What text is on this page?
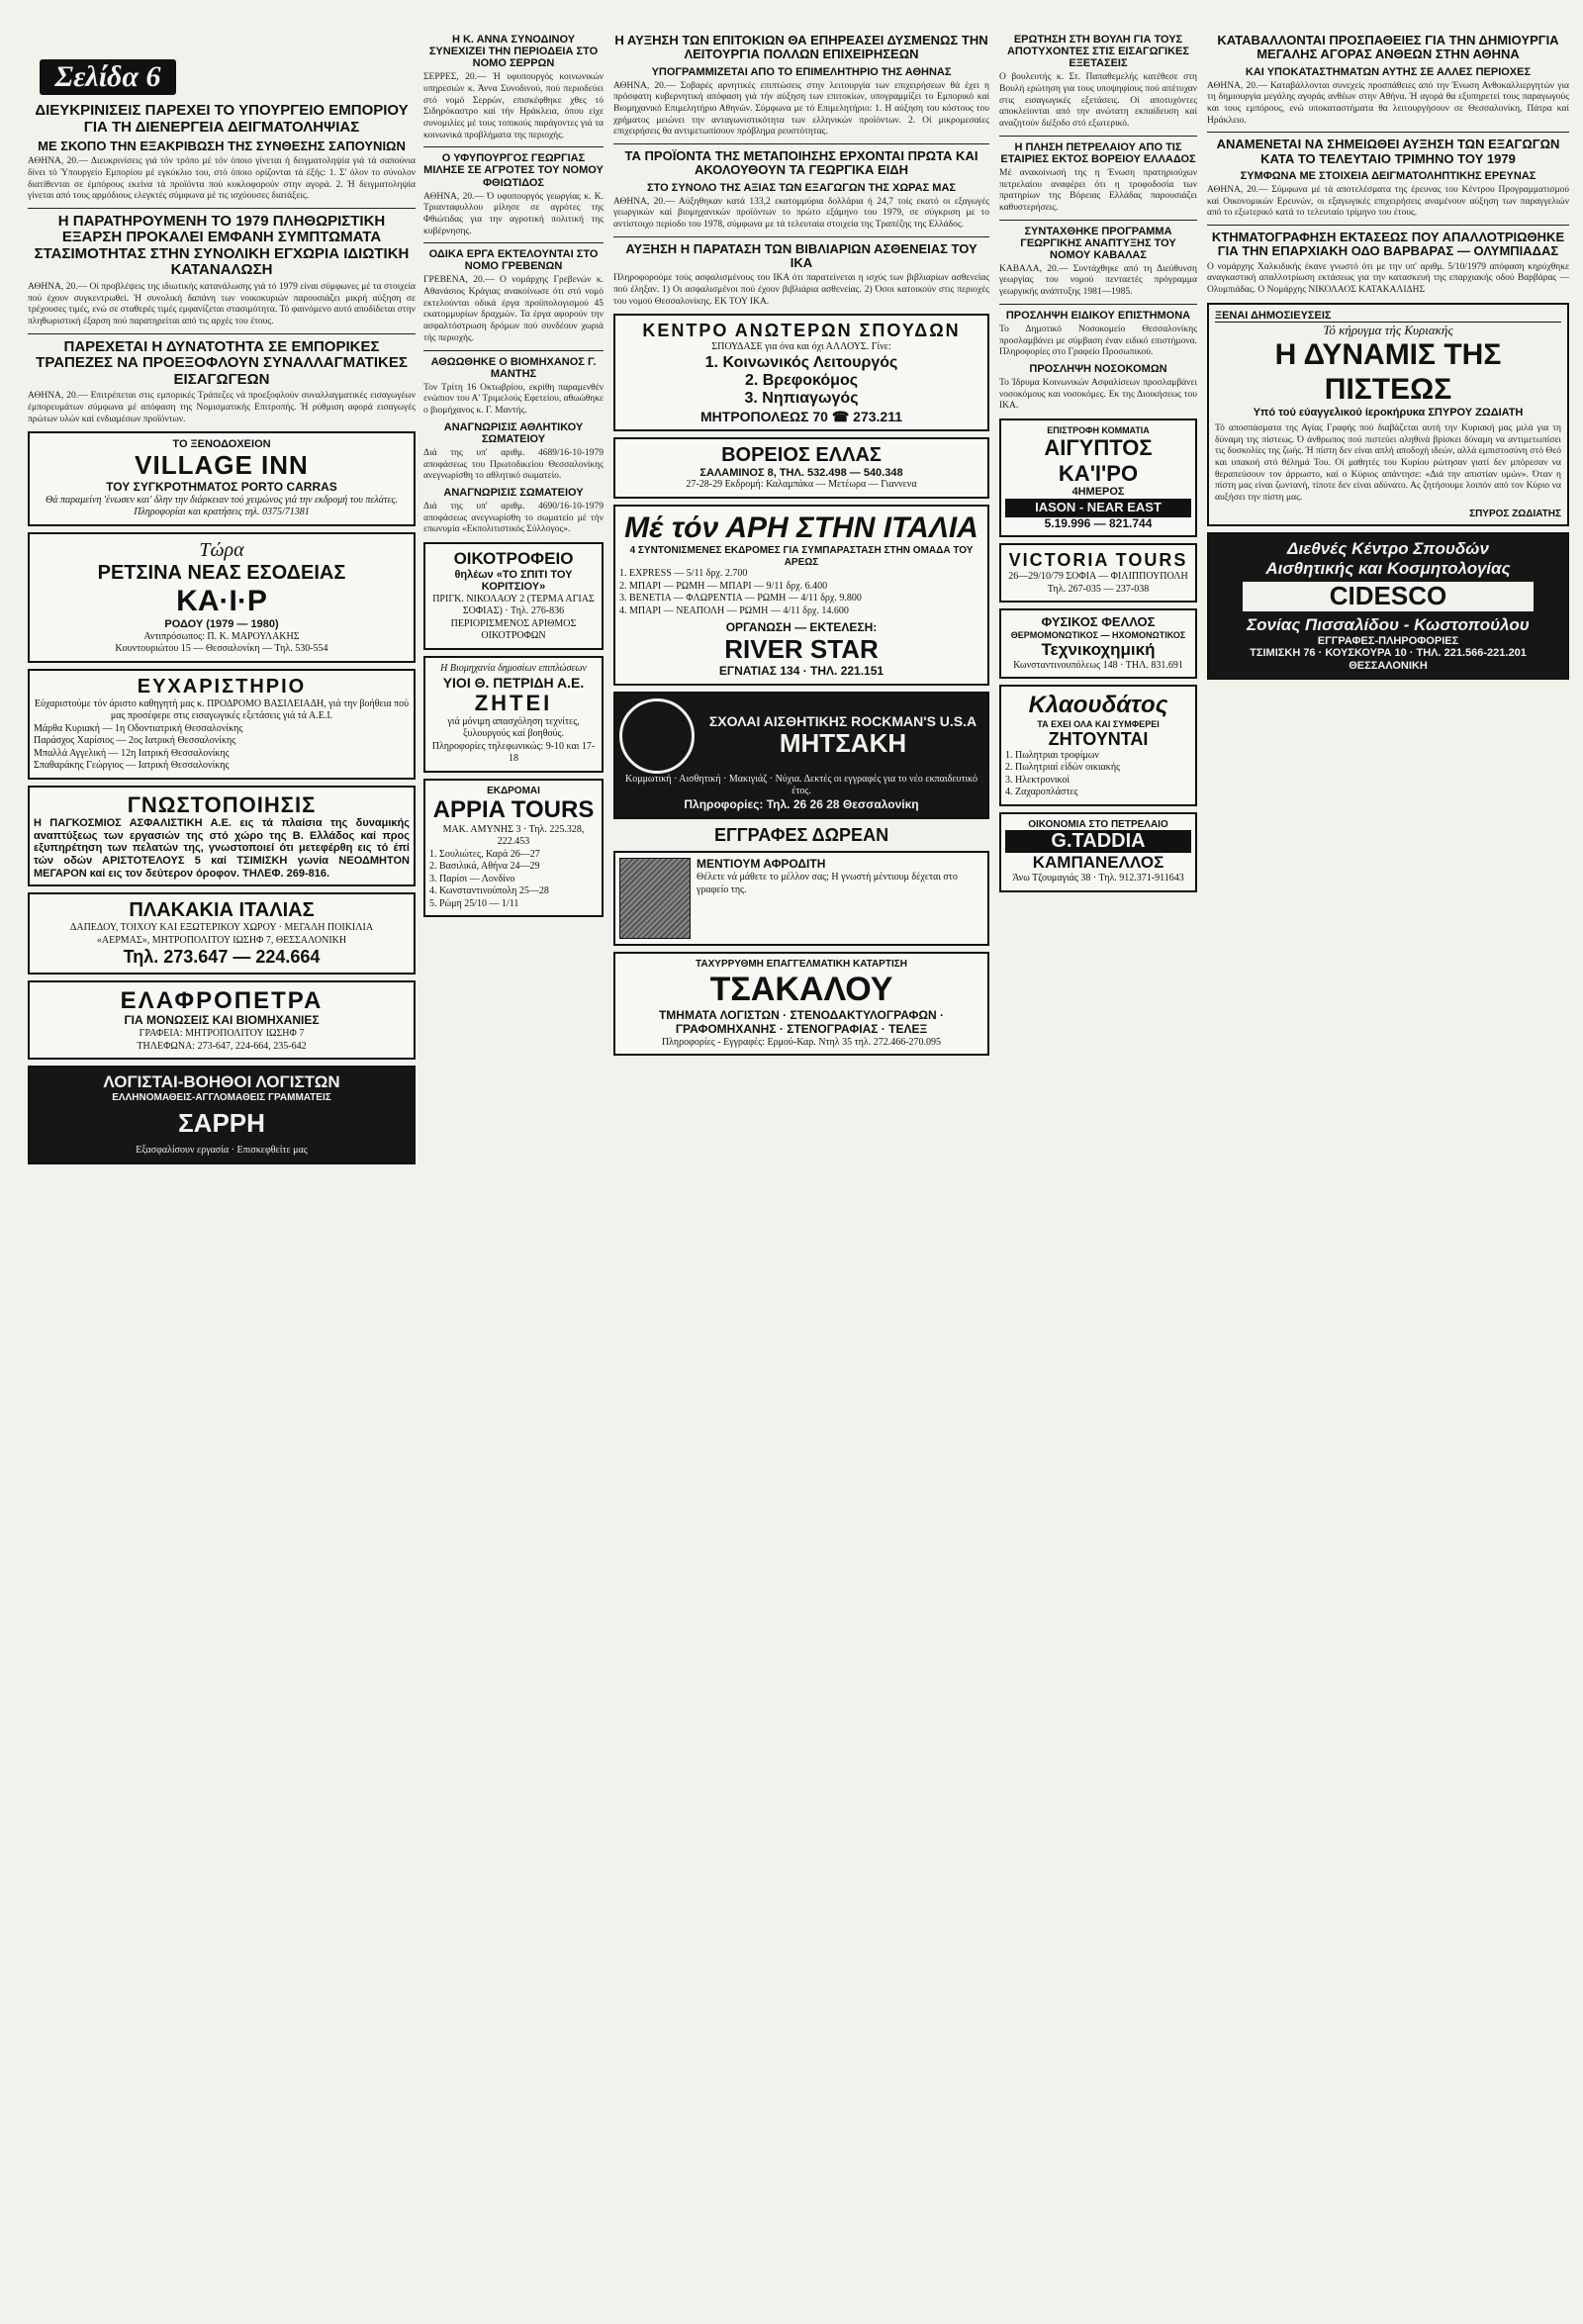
Σελίδα 6
ΔΙΕΥΚΡΙΝΙΣΕΙΣ ΠΑΡΕΧΕΙ ΤΟ ΥΠΟΥΡΓΕΙΟ ΕΜΠΟΡΙΟΥ ΓΙΑ ΤΗ ΔΙΕΝΕΡΓΕΙΑ ΔΕΙΓΜΑΤΟΛΗΨΙΑΣ
ΜΕ ΣΚΟΠΟ ΤΗΝ ΕΞΑΚΡΙΒΩΣΗ ΤΗΣ ΣΥΝΘΕΣΗΣ ΣΑΠΟΥΝΙΩΝ
ΑΘΗΝΑ, 20.— Διευκρινίσεις γιά τόν τρόπο μέ τόν όποιο γίνεται ή δειγματοληψία γιά τά σαπούνια δίνει τό Ύπουργείο Εμπορίου μέ εγκύκλιο του, στό όποιο ορίζονται τά έξής: 1. Σ' όλον το σύνολον διατίθενται σε έμπόρους εκείνα τά προϊόντα πού κυκλοφορούν στην αγορά. 2. Ή δειγματοληψία γίνεται από τους αρμόδιους ελεγκτές σύμφωνα μέ τις ισχύουσες διατάξεις.
Η ΠΑΡΑΤΗΡΟΥΜΕΝΗ ΤΟ 1979 ΠΛΗΘΩΡΙΣΤΙΚΗ ΕΞΑΡΣΗ ΠΡΟΚΑΛΕΙ ΕΜΦΑΝΗ ΣΥΜΠΤΩΜΑΤΑ ΣΤΑΣΙΜΟΤΗΤΑΣ ΣΤΗΝ ΣΥΝΟΛΙΚΗ ΕΓΧΩΡΙΑ ΙΔΙΩΤΙΚΗ ΚΑΤΑΝΑΛΩΣΗ
ΑΘΗΝΑ, 20.— Οί προβλέψεις της ιδιωτικής κατανάλωσης γιά τό 1979 είναι σύμφωνες μέ τα στοιχεία πού έχουν συγκεντρωθεί. Ή συνολική δαπάνη των νοικοκυριών παρουσιάζει μικρή αύξηση σε τρέχουσες τιμές, ενώ σε σταθερές τιμές εμφανίζεται στασιμότητα. Τό φαινόμενο αυτό αποδίδεται στην πληθωριστική έξαρση πού παρατηρείται από τις αρχές του έτους.
ΠΑΡΕΧΕΤΑΙ Η ΔΥΝΑΤΟΤΗΤΑ ΣΕ ΕΜΠΟΡΙΚΕΣ ΤΡΑΠΕΖΕΣ ΝΑ ΠΡΟΕΞΟΦΛΟΥΝ ΣΥΝΑΛΛΑΓΜΑΤΙΚΕΣ ΕΙΣΑΓΩΓΕΩΝ
ΑΘΗΝΑ, 20.— Επιτρέπεται στις εμπορικές Τράπεζες νά προεξοφλούν συναλλαγματικές εισαγωγέων έμπορευμάτων σύμφωνα μέ απόφαση της Νομισματικής Επιτροπής. Ή ρύθμιση αφορά εισαγωγές πρώτων υλών καί ενδιαμέσων προϊόντων.
ΤΟ ΞΕΝΟΔΟΧΕΙΟΝ
VILLAGE INN
ΤΟΥ ΣΥΓΚΡΟΤΗΜΑΤΟΣ PORTO CARRAS
Θά παραμείνη 'ένωσεν και' δλην την διάρκειαν τού χειμώνος γιά την εκδρομή του πελάτες.
Πληροφορίαι και κρατήσεις τηλ. 0375/71381
Τώρα
ΡΕΤΣΙΝΑ ΝΕΑΣ ΕΣΟΔΕΙΑΣ
ΚΑ·Ι·Ρ
ΡΟΔΟΥ (1979 — 1980)
Αντιπρόσωπος: Π. Κ. ΜΑΡΟΥΛΑΚΗΣ
Κουντουριώτου 15 — Θεσσαλονίκη — Τηλ. 530-554
ΕΥΧΑΡΙΣΤΗΡΙΟ
Εύχαριστούμε τόν άριστο καθηγητή μας κ. ΠΡΟΔΡΟΜΟ ΒΑΣΙΛΕΙΑΔΗ, γιά την βοήθεια πού μας προσέφερε στις εισαγωγικές εξετάσεις γιά τά Α.Ε.Ι.
Μάρθα Κυριακή — 1η Οδοντιατρική Θεσσαλονίκης
Παράσχος Χαρίσιος — 2ος Ιατρική Θεσσαλονίκης
Μπαλλά Αγγελική — 12η Ιατρική Θεσσαλονίκης
Σπαθαράκης Γεώργιος — Ιατρική Θεσσαλονίκης
ΓΝΩΣΤΟΠΟΙΗΣΙΣ
Η ΠΑΓΚΟΣΜΙΟΣ ΑΣΦΑΛΙΣΤΙΚΗ Α.Ε. εις τά πλαίσια της δυναμικής αναπτύξεως των εργασιών της στό χώρο της Β. Ελλάδος καί προς εξυπηρέτηση των πελατών της, γνωστοποιεί ότι μετεφέρθη εις τό έπί τών οδών ΑΡΙΣΤΟΤΕΛΟΥΣ 5 καί ΤΣΙΜΙΣΚΗ γωνία ΝΕΟΔΜΗΤΟΝ ΜΕΓΑΡΟΝ καί εις τον δεύτερον όροφον. ΤΗΛΕΦ. 269-816.
ΠΛΑΚΑΚΙΑ ΙΤΑΛΙΑΣ
ΔΑΠΕΔΟΥ, ΤΟΙΧΟΥ ΚΑΙ ΕΞΩΤΕΡΙΚΟΥ ΧΩΡΟΥ · ΜΕΓΑΛΗ ΠΟΙΚΙΛΙΑ
«ΑΕΡΜΑΣ», ΜΗΤΡΟΠΟΛΙΤΟΥ ΙΩΣΗΦ 7, ΘΕΣΣΑΛΟΝΙΚΗ
Τηλ. 273.647 — 224.664
ΕΛΑΦΡΟΠΕΤΡΑ
ΓΙΑ ΜΟΝΩΣΕΙΣ ΚΑΙ ΒΙΟΜΗΧΑΝΙΕΣ
ΓΡΑΦΕΙΑ: ΜΗΤΡΟΠΟΛΙΤΟΥ ΙΩΣΗΦ 7
ΤΗΛΕΦΩΝΑ: 273-647, 224-664, 235-642
ΛΟΓΙΣΤΑΙ-ΒΟΗΘΟΙ ΛΟΓΙΣΤΩΝ
ΕΛΛΗΝΟΜΑΘΕΙΣ-ΑΓΓΛΟΜΑΘΕΙΣ ΓΡΑΜΜΑΤΕΙΣ
ΣΑΡΡΗ
Εξασφαλίσουν εργασία · Επισκεφθείτε μας
Η Κ. ΑΝΝΑ ΣΥΝΟΔΙΝΟΥ ΣΥΝΕΧΙΖΕΙ ΤΗΝ ΠΕΡΙΟΔΕΙΑ ΣΤΟ ΝΟΜΟ ΣΕΡΡΩΝ
ΣΕΡΡΕΣ, 20.— Ή υφυπουργός κοινωνικών υπηρεσιών κ. Άννα Συνοδινού, πού περιοδεύει στό νομό Σερρών, επισκέφθηκε χθες τό Σιδηρόκαστρο καί τήν Ηράκλεια, όπου είχε συνομιλίες μέ τους τοπικούς παράγοντες γιά τα κοινωνικά προβλήματα της περιοχής.
Ο ΥΦΥΠΟΥΡΓΟΣ ΓΕΩΡΓΙΑΣ ΜΙΛΗΣΕ ΣΕ ΑΓΡΟΤΕΣ ΤΟΥ ΝΟΜΟΥ ΦΘΙΩΤΙΔΟΣ
ΑΘΗΝΑ, 20.— Ό υφυπουργός γεωργίας κ. Κ. Τριανταφυλλου μίλησε σε αγρότες της Φθιώτιδας για την αγροτική πολιτική της κυβέρνησης.
ΟΔΙΚΑ ΕΡΓΑ ΕΚΤΕΛΟΥΝΤΑΙ ΣΤΟ ΝΟΜΟ ΓΡΕΒΕΝΩΝ
ΓΡΕΒΕΝΑ, 20.— Ο νομάρχης Γρεβενών κ. Αθανάσιος Κράγιας ανακοίνωσε ότι στό νομό εκτελούνται οδικά έργα προϋπολογισμού 45 εκατομμυρίων δραχμών. Τα έργα αφορούν την ασφαλτόστρωση δρόμων πού συνδέουν χωριά τής περιοχής.
ΑΘΩΩΘΗΚΕ Ο ΒΙΟΜΗΧΑΝΟΣ Γ. ΜΑΝΤΗΣ
Τον Τρίτη 16 Οκτωβρίου, εκρίθη παραμενθέν ενώπιον του Α' Τριμελούς Εφετείου, αθωώθηκε ο βιομήχανος κ. Γ. Μαντής.
ΑΝΑΓΝΩΡΙΣΙΣ ΑΘΛΗΤΙΚΟΥ ΣΩΜΑΤΕΙΟΥ
Διά της υπ' αριθμ. 4689/16-10-1979 αποφάσεως του Πρωτοδικείου Θεσσαλονίκης ανεγνωρίσθη το αθλητικό σωματείο.
ΑΝΑΓΝΩΡΙΣΙΣ ΣΩΜΑΤΕΙΟΥ
Διά της υπ' αριθμ. 4690/16-10-1979 αποφάσεως ανεγνωρίσθη το σωματείο μέ τήν επωνυμία «Εκπολιτιστικός Σύλλογος».
ΟΙΚΟΤΡΟΦΕΙΟ
θηλέων «ΤΟ ΣΠΙΤΙ ΤΟΥ ΚΟΡΙΤΣΙΟΥ»
ΠΡΙΓΚ. ΝΙΚΟΛΑΟΥ 2 (ΤΕΡΜΑ ΑΓΙΑΣ ΣΟΦΙΑΣ) · Τηλ. 276-836
ΠΕΡΙΟΡΙΣΜΕΝΟΣ ΑΡΙΘΜΟΣ ΟΙΚΟΤΡΟΦΩΝ
Η Βιομηχανία δημοσίων επιπλώσεων
ΥΙΟΙ Θ. ΠΕΤΡΙΔΗ Α.Ε.
ΖΗΤΕΙ
γιά μόνιμη απασχόληση τεχνίτες, ξυλουργούς καί βοηθούς.
Πληροφορίες τηλεφωνικώς: 9-10 και 17-18
ΕΚΔΡΟΜΑΙ
APPIA TOURS
ΜΑΚ. ΑΜΥΝΗΣ 3 · Τηλ. 225.328, 222.453
1. Σουλιώτες, Καρά 26—27
2. Βασιλικά, Αθήνα 24—29
3. Παρίσι — Λονδίνο
4. Κωνσταντινούπολη 25—28
5. Ρώμη 25/10 — 1/11
Η ΑΥΞΗΣΗ ΤΩΝ ΕΠΙΤΟΚΙΩΝ ΘΑ ΕΠΗΡΕΑΣΕΙ ΔΥΣΜΕΝΩΣ ΤΗΝ ΛΕΙΤΟΥΡΓΙΑ ΠΟΛΛΩΝ ΕΠΙΧΕΙΡΗΣΕΩΝ
ΥΠΟΓΡΑΜΜΙΖΕΤΑΙ ΑΠΟ ΤΟ ΕΠΙΜΕΛΗΤΗΡΙΟ ΤΗΣ ΑΘΗΝΑΣ
ΑΘΗΝΑ, 20.— Σοβαρές αρνητικές επιπτώσεις στην λειτουργία των επιχειρήσεων θά έχει η πρόσφατη κυβερνητική απόφαση γιά τήν αύξηση των επιτοκίων, υπογραμμίζει το Εμπορικό καί Βιομηχανικό Επιμελητήριο Αθηνών. Σύμφωνα με τό Επιμελητήριο: 1. Η αύξηση του κόστους του χρήματος μειώνει την ανταγωνιστικότητα των ελληνικών προϊόντων. 2. Οί μικρομεσαίες επιχειρήσεις θα αντιμετωπίσουν πρόβλημα ρευστότητας.
ΤΑ ΠΡΟΪΟΝΤΑ ΤΗΣ ΜΕΤΑΠΟΙΗΣΗΣ ΕΡΧΟΝΤΑΙ ΠΡΩΤΑ ΚΑΙ ΑΚΟΛΟΥΘΟΥΝ ΤΑ ΓΕΩΡΓΙΚΑ ΕΙΔΗ
ΣΤΟ ΣΥΝΟΛΟ ΤΗΣ ΑΞΙΑΣ ΤΩΝ ΕΞΑΓΩΓΩΝ ΤΗΣ ΧΩΡΑΣ ΜΑΣ
ΑΘΗΝΑ, 20.— Αύξηθηκαν κατά 133,2 εκατομμύρια δολλάρια ή 24,7 τοίς εκατό οι εξαγωγές γεωργικών καί βιομηχανικών προϊόντων το πρώτο εξάμηνο του 1979, σε σύγκριση με το αντίστοιχο περίοδο του 1978, σύμφωνα με τά τελευταία στοιχεία της Τραπέζης της Ελλάδος.
ΑΥΞΗΣΗ Η ΠΑΡΑΤΑΣΗ ΤΩΝ ΒΙΒΛΙΑΡΙΩΝ ΑΣΘΕΝΕΙΑΣ ΤΟΥ ΙΚΑ
Πληροφορούμε τούς ασφαλισμένους του ΙΚΑ ότι παρατείνεται η ισχύς των βιβλιαρίων ασθενείας πού έληξαν. 1) Οι ασφαλισμένοι πού έχουν βιβλιάρια ασθενείας. 2) Όσοι κατοικούν στις περιοχές του νομού Θεσσαλονίκης. ΕΚ ΤΟΥ ΙΚΑ.
ΚΕΝΤΡΟ ΑΝΩΤΕΡΩΝ ΣΠΟΥΔΩΝ
ΣΠΟΥΔΑΣΕ για όνα και όχι ΑΛΛΟΥΣ. Γίνε:
1. Κοινωνικός Λειτουργός
2. Βρεφοκόμος
3. Νηπιαγωγός
ΜΗΤΡΟΠΟΛΕΩΣ 70 ☎ 273.211
ΒΟΡΕΙΟΣ ΕΛΛΑΣ
ΣΑΛΑΜΙΝΟΣ 8, ΤΗΛ. 532.498 — 540.348
27-28-29 Εκδρομή: Καλαμπάκα — Μετέωρα — Γιαννενα
Μέ τόν ΑΡΗ ΣΤΗΝ ΙΤΑΛΙΑ
4 ΣΥΝΤΟΝΙΣΜΕΝΕΣ ΕΚΔΡΟΜΕΣ ΓΙΑ ΣΥΜΠΑΡΑΣΤΑΣΗ ΣΤΗΝ ΟΜΑΔΑ ΤΟΥ ΑΡΕΩΣ
1. EXPRESS — 5/11 δρχ. 2.700
2. ΜΠΑΡΙ — ΡΩΜΗ — ΜΠΑΡΙ — 9/11 δρχ. 6.400
3. ΒΕΝΕΤΙΑ — ΦΛΩΡΕΝΤΙΑ — ΡΩΜΗ — 4/11 δρχ. 9.800
4. ΜΠΑΡΙ — ΝΕΑΠΟΛΗ — ΡΩΜΗ — 4/11 δρχ. 14.600
ΟΡΓΑΝΩΣΗ — ΕΚΤΕΛΕΣΗ:
RIVER STAR
ΕΓΝΑΤΙΑΣ 134 · ΤΗΛ. 221.151
ΣΧΟΛΑΙ ΑΙΣΘΗΤΙΚΗΣ ROCKMAN'S U.S.A
ΜΗΤΣΑΚΗ
Κομμωτική · Αισθητική · Μακιγιάζ · Νύχια. Δεκτές οι εγγραφές για το νέο εκπαιδευτικό έτος.
Πληροφορίες: Τηλ. 26 26 28 Θεσσαλονίκη
ΕΓΓΡΑΦΕΣ ΔΩΡΕΑΝ
ΜΕΝΤΙΟΥΜ ΑΦΡΟΔΙΤΗ
Θέλετε νά μάθετε το μέλλον σας; Η γνωστή μέντιουμ δέχεται στο γραφείο της.
ΤΑΧΥΡΡΥΘΜΗ ΕΠΑΓΓΕΛΜΑΤΙΚΗ ΚΑΤΑΡΤΙΣΗ
ΤΣΑΚΑΛΟΥ
ΤΜΗΜΑΤΑ ΛΟΓΙΣΤΩΝ · ΣΤΕΝΟΔΑΚΤΥΛΟΓΡΑΦΩΝ · ΓΡΑΦΟΜΗΧΑΝΗΣ · ΣΤΕΝΟΓΡΑΦΙΑΣ · ΤΕΛΕΞ
Πληροφορίες - Εγγραφές: Ερμού-Καρ. Ντηλ 35 τηλ. 272.466-270.095
ΕΡΩΤΗΣΗ ΣΤΗ ΒΟΥΛΗ ΓΙΑ ΤΟΥΣ ΑΠΟΤΥΧΟΝΤΕΣ ΣΤΙΣ ΕΙΣΑΓΩΓΙΚΕΣ ΕΞΕΤΑΣΕΙΣ
Ο βουλευτής κ. Στ. Παπαθεμελής κατέθεσε στη Βουλή ερώτηση για τους υποψηφίους πού απέτυχαν στις εισαγωγικές εξετάσεις. Οί αποτυχόντες αποκλείονται από την ανώτατη εκπαίδευση καί αναζητούν διέξοδο στό εξωτερικό.
Η ΠΛΗΣΗ ΠΕΤΡΕΛΑΙΟΥ ΑΠΟ ΤΙΣ ΕΤΑΙΡΙΕΣ ΕΚΤΟΣ ΒΟΡΕΙΟΥ ΕΛΛΑΔΟΣ
Μέ ανακοίνωσή της η Ένωση πρατηριούχων πετρελαίου αναφέρει ότι η τροφοδοσία των πρατηρίων της Βόρειας Ελλάδας παρουσιάζει καθυστερήσεις.
ΣΥΝΤΑΧΘΗΚΕ ΠΡΟΓΡΑΜΜΑ ΓΕΩΡΓΙΚΗΣ ΑΝΑΠΤΥΞΗΣ ΤΟΥ ΝΟΜΟΥ ΚΑΒΑΛΑΣ
ΚΑΒΑΛΑ, 20.— Συντάχθηκε από τη Διεύθυνση γεωργίας του νομού πενταετές πρόγραμμα γεωργικής ανάπτυξης 1981—1985.
ΠΡΟΣΛΗΨΗ ΕΙΔΙΚΟΥ ΕΠΙΣΤΗΜΟΝΑ
Το Δημοτικό Νοσοκομείο Θεσσαλονίκης προσλαμβάνει με σύμβαση έναν ειδικό επιστήμονα. Πληροφορίες στο Γραφείο Προσωπικού.
ΠΡΟΣΛΗΨΗ ΝΟΣΟΚΟΜΩΝ
Το Ίδρυμα Κοινωνικών Ασφαλίσεων προσλαμβάνει νοσοκόμους και νοσοκόμες. Εκ της Διοικήσεως του ΙΚΑ.
ΕΠΙΣΤΡΟΦΗ ΚΟΜΜΑΤΙΑ
ΑΙΓΥΠΤΟΣ ΚΑ'Ι'ΡΟ
4ΗΜΕΡΟΣ
IASON - NEAR EAST
5.19.996 — 821.744
VICTORIA TOURS
26—29/10/79 ΣΟΦΙΑ — ΦΙΛΙΠΠΟΥΠΟΛΗ
Τηλ. 267-035 — 237-038
ΦΥΣΙΚΟΣ ΦΕΛΛΟΣ
ΘΕΡΜΟΜΟΝΩΤΙΚΟΣ — ΗΧΟΜΟΝΩΤΙΚΟΣ
Τεχνικοχημική
Κωνσταντινουπόλεως 148 · ΤΗΛ. 831.691
Κλαουδάτος
ΤΑ ΕΧΕΙ ΟΛΑ ΚΑΙ ΣΥΜΦΕΡΕΙ
ΖΗΤΟΥΝΤΑΙ
1. Πωλητριαι τροφίμων
2. Πωλητριαί είδών οικιακής
3. Ηλεκτρονικοί
4. Ζαχαροπλάστες
ΟΙΚΟΝΟΜΙΑ ΣΤΟ ΠΕΤΡΕΛΑΙΟ
G.TADDIA
ΚΑΜΠΑΝΕΛΛΟΣ
Άνω Τζουμαγιάς 38 · Τηλ. 912.371-911643
ΚΑΤΑΒΑΛΛΟΝΤΑΙ ΠΡΟΣΠΑΘΕΙΕΣ ΓΙΑ ΤΗΝ ΔΗΜΙΟΥΡΓΙΑ ΜΕΓΑΛΗΣ ΑΓΟΡΑΣ ΑΝΘΕΩΝ ΣΤΗΝ ΑΘΗΝΑ
ΚΑΙ ΥΠΟΚΑΤΑΣΤΗΜΑΤΩΝ ΑΥΤΗΣ ΣΕ ΑΛΛΕΣ ΠΕΡΙΟΧΕΣ
ΑΘΗΝΑ, 20.— Καταβάλλονται συνεχείς προσπάθειες από την Ένωση Ανθοκαλλιεργητών για τη δημιουργία μεγάλης αγοράς ανθέων στην Αθήνα. Ή αγορά θα εξυπηρετεί τους παραγωγούς και τους εμπόρους, ενώ υποκαταστήματα θα λειτουργήσουν σε Θεσσαλονίκη, Πάτρα καί Ηράκλειο.
ΑΝΑΜΕΝΕΤΑΙ ΝΑ ΣΗΜΕΙΩΘΕΙ ΑΥΞΗΣΗ ΤΩΝ ΕΞΑΓΩΓΩΝ ΚΑΤΑ ΤΟ ΤΕΛΕΥΤΑΙΟ ΤΡΙΜΗΝΟ ΤΟΥ 1979
ΣΥΜΦΩΝΑ ΜΕ ΣΤΟΙΧΕΙΑ ΔΕΙΓΜΑΤΟΛΗΠΤΙΚΗΣ ΕΡΕΥΝΑΣ
ΑΘΗΝΑ, 20.— Σύμφωνα μέ τά αποτελέσματα της έρευνας του Κέντρου Προγραμματισμού καί Οικονομικών Ερευνών, οι εξαγωγικές επιχειρήσεις αναμένουν αύξηση των παραγγελιών από το εξωτερικό κατά το τελευταίο τρίμηνο του έτους.
ΚΤΗΜΑΤΟΓΡΑΦΗΣΗ ΕΚΤΑΣΕΩΣ ΠΟΥ ΑΠΑΛΛΟΤΡΙΩΘΗΚΕ ΓΙΑ ΤΗΝ ΕΠΑΡΧΙΑΚΗ ΟΔΟ ΒΑΡΒΑΡΑΣ — ΟΛΥΜΠΙΑΔΑΣ
Ο νομάρχης Χαλκιδικής έκανε γνωστό ότι με την υπ' αριθμ. 5/10/1979 απόφαση κηρύχθηκε αναγκαστική απαλλοτρίωση εκτάσεως για την κατασκευή της επαρχιακής οδού Βαρβάρας — Ολυμπιάδας. Ο Νομάρχης ΝΙΚΟΛΑΟΣ ΚΑΤΑΚΑΛΙΔΗΣ
ΞΕΝΑΙ ΔΗΜΟΣΙΕΥΣΕΙΣ
Τό κήρυγμα τής Κυριακής
Η ΔΥΝΑΜΙΣ ΤΗΣ ΠΙΣΤΕΩΣ
Υπό τού εύαγγελικού ίεροκήρυκα ΣΠΥΡΟΥ ΖΩΔΙΑΤΗ
Τό αποσπάσματα της Αγίας Γραφής πού διαβάζεται αυτή την Κυριακή μας μιλά για τη δύναμη της πίστεως. Ό άνθρωπος πού πιστεύει αληθινά βρίσκει δύναμη να αντιμετωπίσει τις δυσκολίες της ζωής. Ή πίστη δεν είναι απλή αποδοχή ιδεών, αλλά εμπιστοσύνη στό Θεό και υπακοή στό θέλημά Του. Οί μαθητές του Κυρίου ρώτησαν γιατί δεν μπόρεσαν να θεραπεύσουν τον άρρωστο, καί ο Κύριος απάντησε: «Διά την απιστίαν υμών». Όταν η πίστη μας είναι ζωντανή, τίποτε δεν είναι αδύνατο. Ας ζητήσουμε λοιπόν από τον Κύριο να αυξήσει την πίστη μας.
ΣΠΥΡΟΣ ΖΩΔΙΑΤΗΣ
Διεθνές Κέντρο Σπουδών
Αισθητικής και Κοσμητολογίας
CIDESCO
Σονίας Πισσαλίδου - Κωστοπούλου
ΕΓΓΡΑΦΕΣ-ΠΛΗΡΟΦΟΡΙΕΣ
ΤΣΙΜΙΣΚΗ 76 · ΚΟΥΣΚΟΥΡΑ 10 · ΤΗΛ. 221.566-221.201 ΘΕΣΣΑΛΟΝΙΚΗ
